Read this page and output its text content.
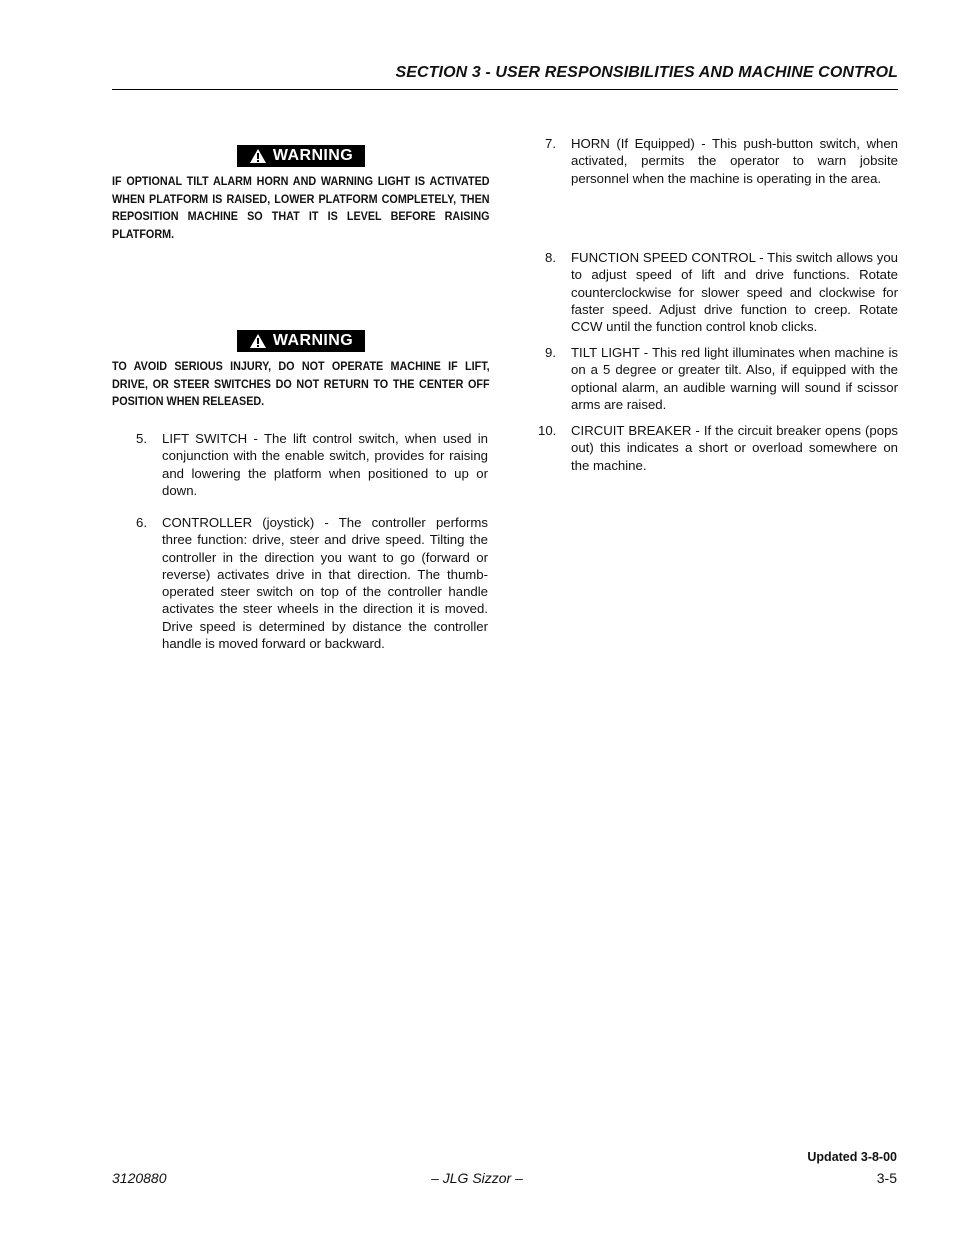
SECTION 3 - USER RESPONSIBILITIES AND MACHINE CONTROL
WARNING
IF OPTIONAL TILT ALARM HORN AND WARNING LIGHT IS ACTIVATED WHEN PLATFORM IS RAISED, LOWER PLATFORM COMPLETELY, THEN REPOSITION MACHINE SO THAT IT IS LEVEL BEFORE RAISING PLATFORM.
WARNING
TO AVOID SERIOUS INJURY, DO NOT OPERATE MACHINE IF LIFT, DRIVE, OR STEER SWITCHES DO NOT RETURN TO THE CENTER OFF POSITION WHEN RELEASED.
5. LIFT SWITCH - The lift control switch, when used in conjunction with the enable switch, provides for raising and lowering the platform when positioned to up or down.
6. CONTROLLER (joystick) - The controller performs three function: drive, steer and drive speed. Tilting the controller in the direction you want to go (forward or reverse) activates drive in that direction. The thumb-operated steer switch on top of the controller handle activates the steer wheels in the direction it is moved. Drive speed is determined by distance the controller handle is moved forward or backward.
7. HORN (If Equipped) - This push-button switch, when activated, permits the operator to warn jobsite personnel when the machine is operating in the area.
8. FUNCTION SPEED CONTROL - This switch allows you to adjust speed of lift and drive functions. Rotate counterclockwise for slower speed and clockwise for faster speed. Adjust drive function to creep. Rotate CCW until the function control knob clicks.
9. TILT LIGHT - This red light illuminates when machine is on a 5 degree or greater tilt. Also, if equipped with the optional alarm, an audible warning will sound if scissor arms are raised.
10. CIRCUIT BREAKER - If the circuit breaker opens (pops out) this indicates a short or overload somewhere on the machine.
Updated 3-8-00
3120880	– JLG Sizzor –	3-5
